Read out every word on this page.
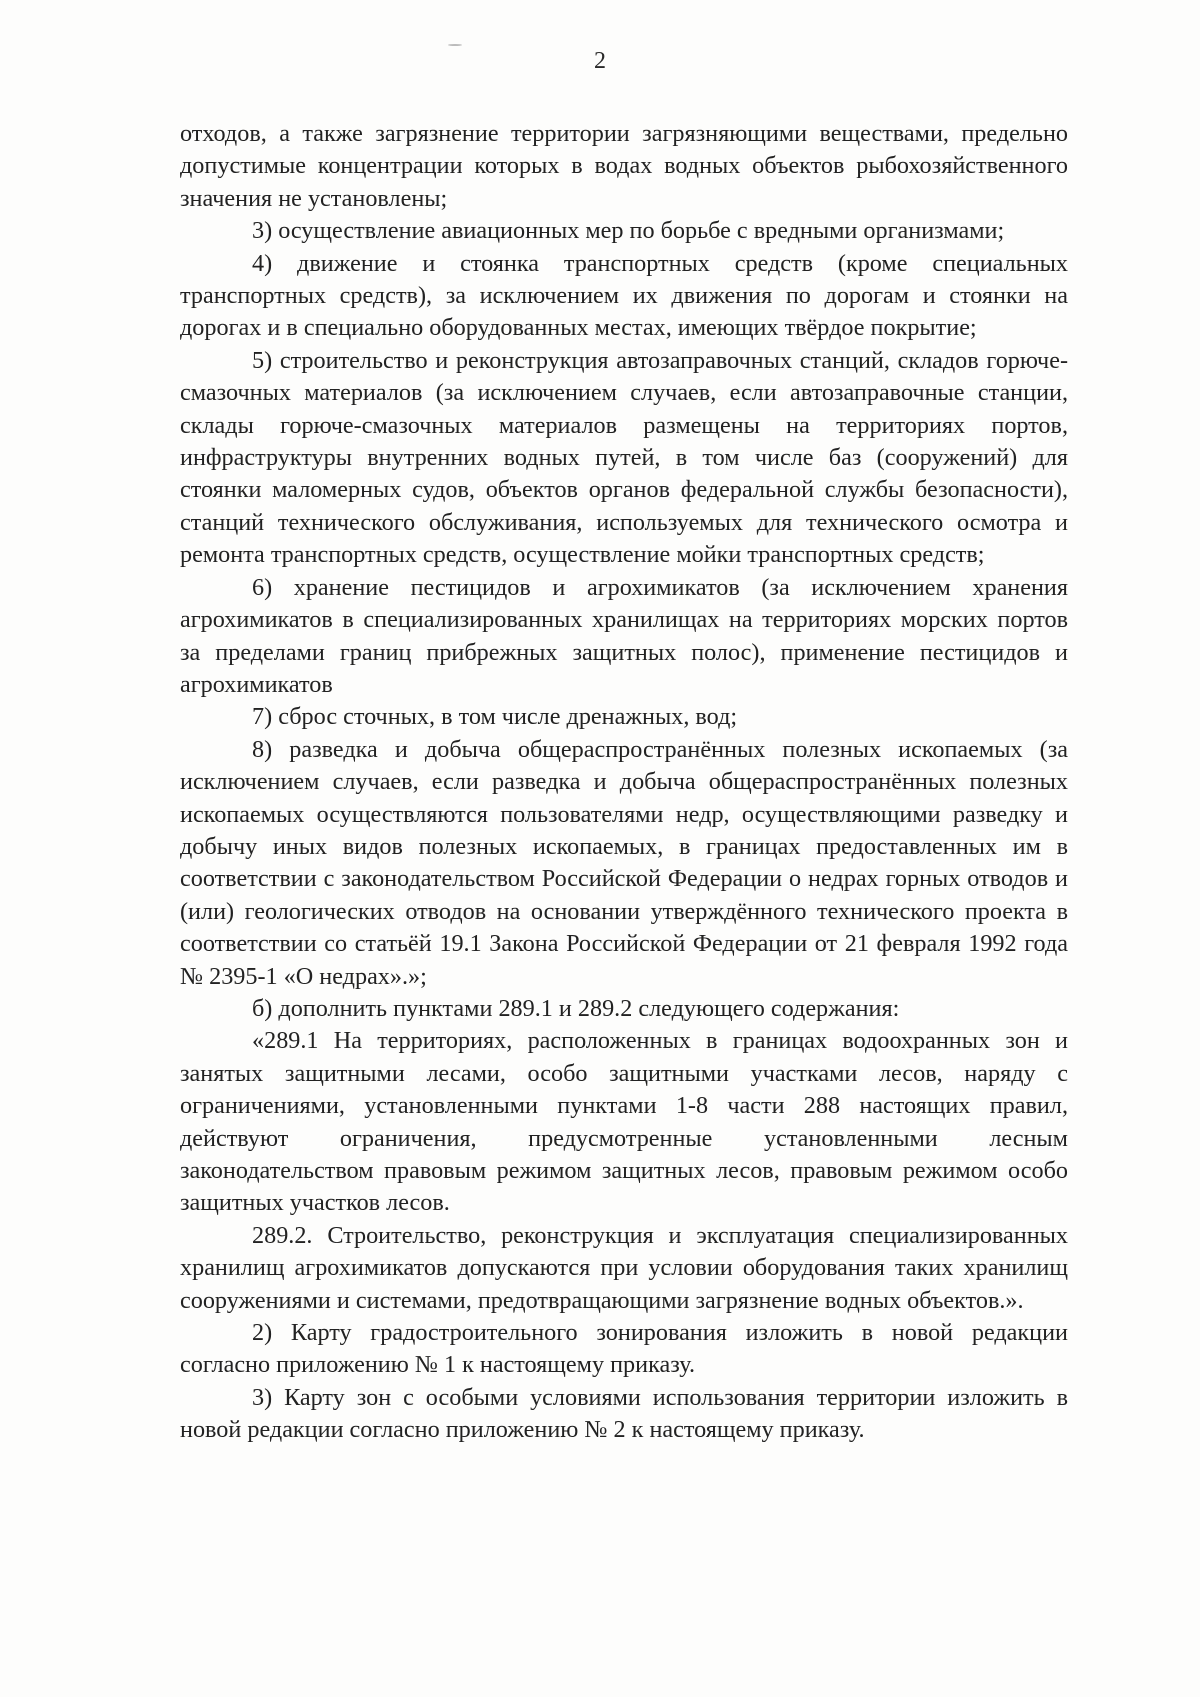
2

отходов, а также загрязнение территории загрязняющими веществами, предельно допустимые концентрации которых в водах водных объектов рыбохозяйственного значения не установлены;

3) осуществление авиационных мер по борьбе с вредными организмами;

4) движение и стоянка транспортных средств (кроме специальных транспортных средств), за исключением их движения по дорогам и стоянки на дорогах и в специально оборудованных местах, имеющих твёрдое покрытие;

5) строительство и реконструкция автозаправочных станций, складов горюче-смазочных материалов (за исключением случаев, если автозаправочные станции, склады горюче-смазочных материалов размещены на территориях портов, инфраструктуры внутренних водных путей, в том числе баз (сооружений) для стоянки маломерных судов, объектов органов федеральной службы безопасности), станций технического обслуживания, используемых для технического осмотра и ремонта транспортных средств, осуществление мойки транспортных средств;

6) хранение пестицидов и агрохимикатов (за исключением хранения агрохимикатов в специализированных хранилищах на территориях морских портов за пределами границ прибрежных защитных полос), применение пестицидов и агрохимикатов

7) сброс сточных, в том числе дренажных, вод;

8) разведка и добыча общераспространённых полезных ископаемых (за исключением случаев, если разведка и добыча общераспространённых полезных ископаемых осуществляются пользователями недр, осуществляющими разведку и добычу иных видов полезных ископаемых, в границах предоставленных им в соответствии с законодательством Российской Федерации о недрах горных отводов и (или) геологических отводов на основании утверждённого технического проекта в соответствии со статьёй 19.1 Закона Российской Федерации от 21 февраля 1992 года № 2395-1 «О недрах».»;

б) дополнить пунктами 289.1 и 289.2 следующего содержания:

«289.1 На территориях, расположенных в границах водоохранных зон и занятых защитными лесами, особо защитными участками лесов, наряду с ограничениями, установленными пунктами 1-8 части 288 настоящих правил, действуют ограничения, предусмотренные установленными лесным законодательством правовым режимом защитных лесов, правовым режимом особо защитных участков лесов.

289.2. Строительство, реконструкция и эксплуатация специализированных хранилищ агрохимикатов допускаются при условии оборудования таких хранилищ сооружениями и системами, предотвращающими загрязнение водных объектов.».

2) Карту градостроительного зонирования изложить в новой редакции согласно приложению № 1 к настоящему приказу.

3) Карту зон с особыми условиями использования территории изложить в новой редакции согласно приложению № 2 к настоящему приказу.
